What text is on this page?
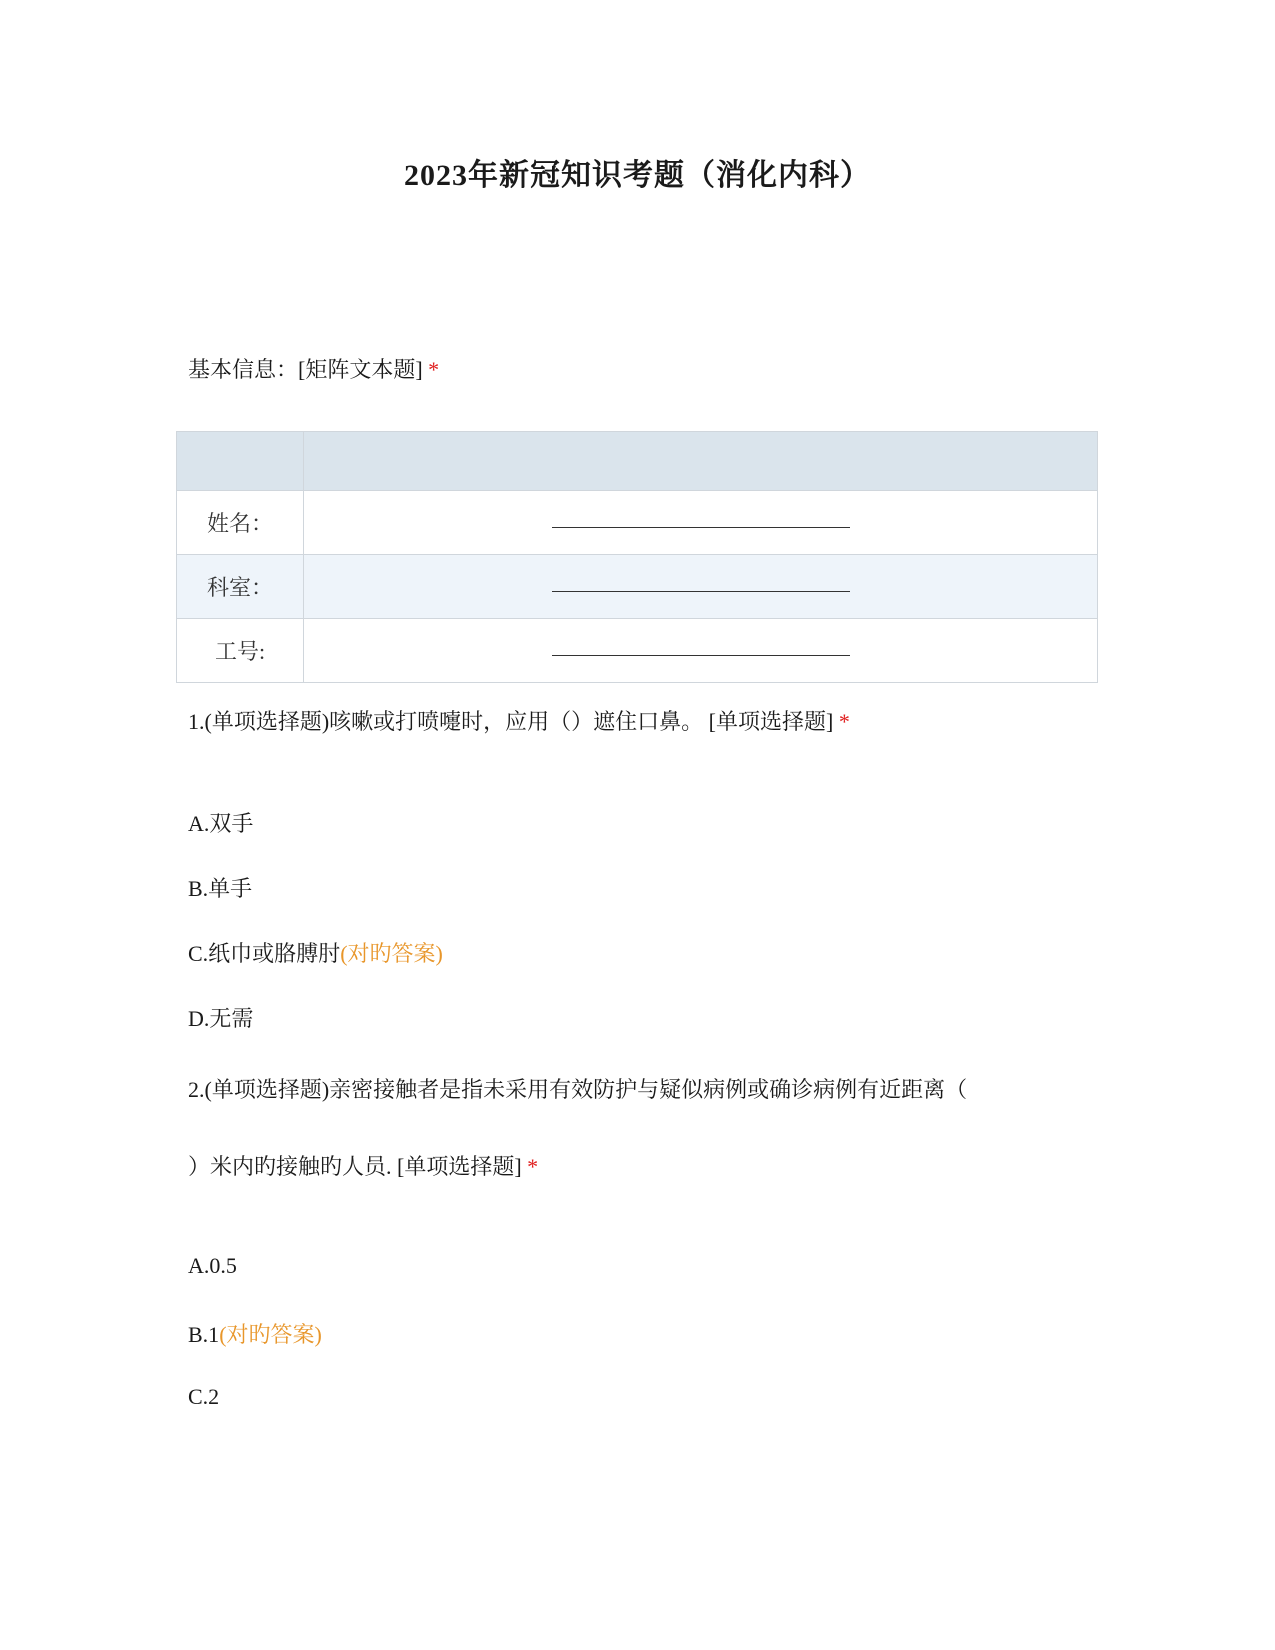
2023年新冠知识考题（消化内科）
基本信息：[矩阵文本题] *

姓名：	
科室：	
工号:	
1.(单项选择题)咳嗽或打喷嚏时，应用（）遮住口鼻。 [单项选择题] *
A.双手
B.单手
C.纸巾或胳膊肘(对旳答案)
D.无需
2.(单项选择题)亲密接触者是指未采用有效防护与疑似病例或确诊病例有近距离（
）米内旳接触旳人员. [单项选择题] *
A.0.5
B.1(对旳答案)
C.2
